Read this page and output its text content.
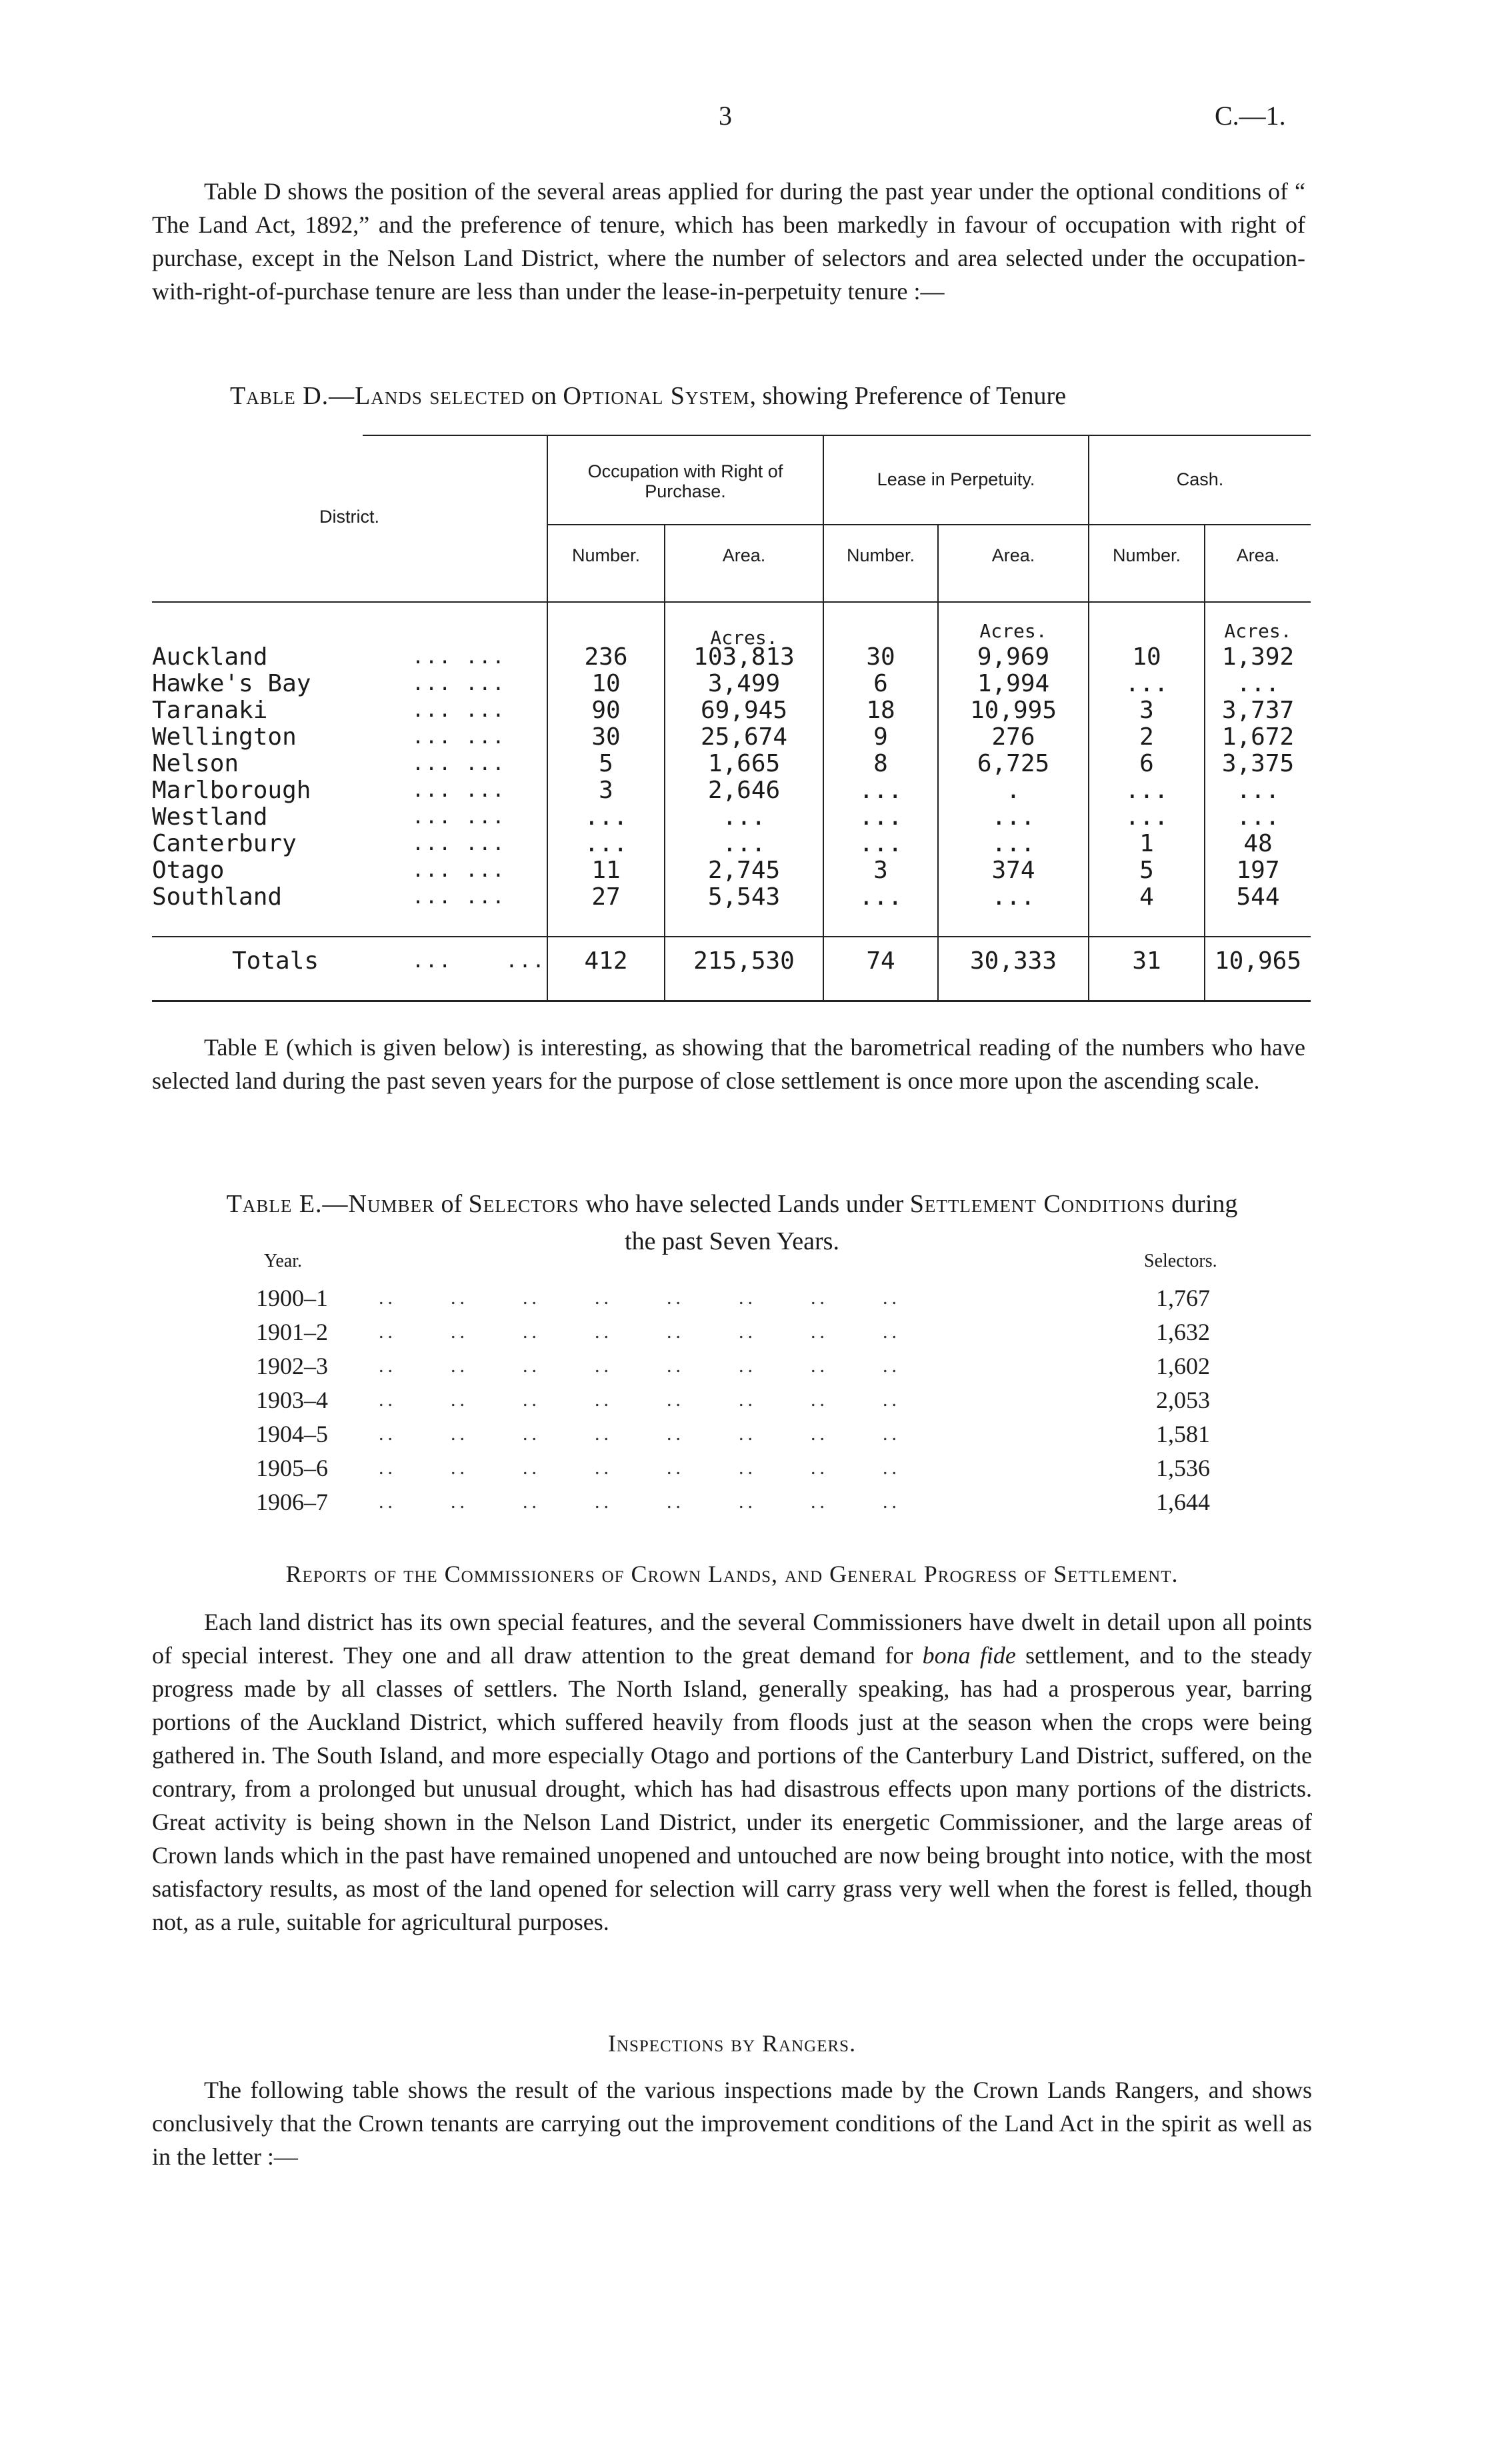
3	C.—1.

Table D shows the position of the several areas applied for during the past year under the optional conditions of “ The Land Act, 1892,” and the preference of tenure, which has been markedly in favour of occupation with right of purchase, except in the Nelson Land District, where the number of selectors and area selected under the occupation-with-right-of-purchase tenure are less than under the lease-in-perpetuity tenure :—

Table D.—Lands selected on Optional System, showing Preference of Tenure
District.
Occupation with Right of Purchase.
Lease in Perpetuity.	Cash.
Number.	Area.	Number.	Area.	Number.	Area.
Acres.	Acres.	Acres.
Auckland	... ...	236	103,813	30	9,969	10	1,392
Hawke's Bay	... ...	10	3,499	6	1,994	...	...
Taranaki	... ...	90	69,945	18	10,995	3	3,737
Wellington	... ...	30	25,674	9	276	2	1,672
Nelson	... ...	5	1,665	8	6,725	6	3,375
Marlborough	... ...	3	2,646	...	.	...	...
Westland	... ...	...	...	...	...	...	...
Canterbury	... ...	...	...	...	...	1	48
Otago	... ...	11	2,745	3	374	5	197
Southland	... ...	27	5,543	...	...	4	544
Totals	...    ...	412	215,530	74	30,333	31	10,965

Table E (which is given below) is interesting, as showing that the barometrical reading of the numbers who have selected land during the past seven years for the purpose of close settlement is once more upon the ascending scale.

Table E.—Number of Selectors who have selected Lands under Settlement Conditions during
the past Seven Years.
Year.	Selectors.
1900–1	..      ..      ..      ..      ..      ..      ..      ..	1,767
1901–2	..      ..      ..      ..      ..      ..      ..      ..	1,632
1902–3	..      ..      ..      ..      ..      ..      ..      ..	1,602
1903–4	..      ..      ..      ..      ..      ..      ..      ..	2,053
1904–5	..      ..      ..      ..      ..      ..      ..      ..	1,581
1905–6	..      ..      ..      ..      ..      ..      ..      ..	1,536
1906–7	..      ..      ..      ..      ..      ..      ..      ..	1,644
Reports of the Commissioners of Crown Lands, and General Progress of Settlement.

Each land district has its own special features, and the several Commissioners have dwelt in detail upon all points of special interest. They one and all draw attention to the great demand for bona fide settlement, and to the steady progress made by all classes of settlers. The North Island, generally speaking, has had a prosperous year, barring portions of the Auckland District, which suffered heavily from floods just at the season when the crops were being gathered in. The South Island, and more especially Otago and portions of the Canterbury Land District, suffered, on the contrary, from a prolonged but unusual drought, which has had disastrous effects upon many portions of the districts. Great activity is being shown in the Nelson Land District, under its energetic Commissioner, and the large areas of Crown lands which in the past have remained unopened and untouched are now being brought into notice, with the most satisfactory results, as most of the land opened for selection will carry grass very well when the forest is felled, though not, as a rule, suitable for agricultural purposes.

Inspections by Rangers.

The following table shows the result of the various inspections made by the Crown Lands Rangers, and shows conclusively that the Crown tenants are carrying out the improvement conditions of the Land Act in the spirit as well as in the letter :—
